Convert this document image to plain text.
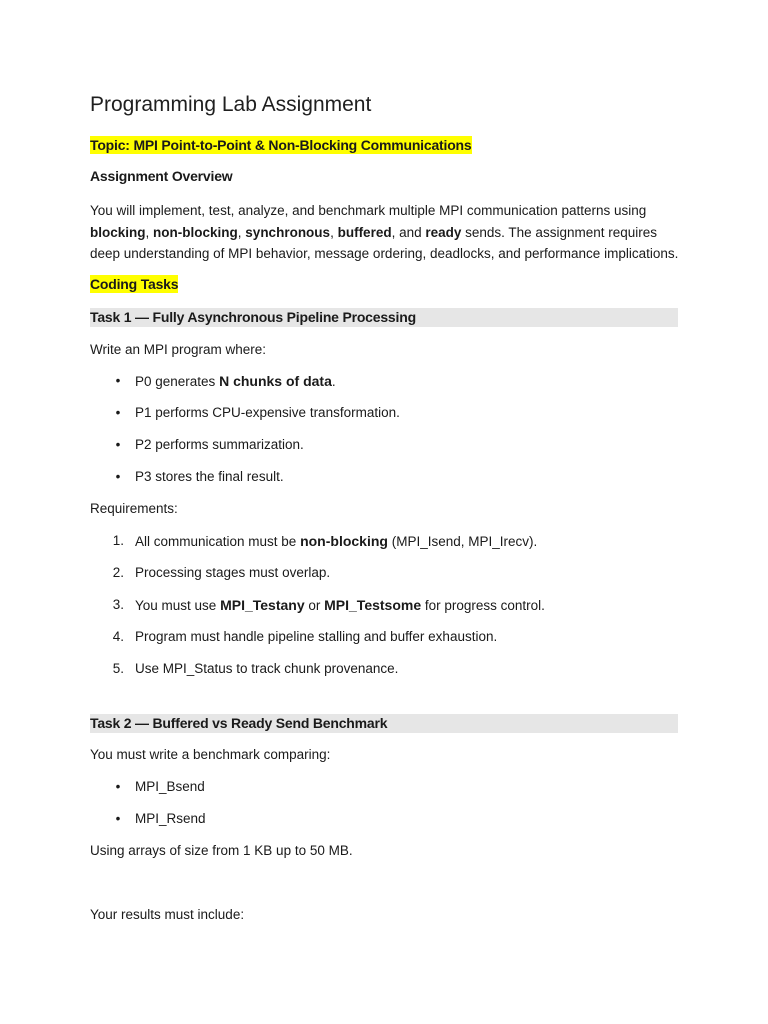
Programming Lab Assignment
Topic: MPI Point-to-Point & Non-Blocking Communications
Assignment Overview
You will implement, test, analyze, and benchmark multiple MPI communication patterns using
blocking, non-blocking, synchronous, buffered, and ready sends. The assignment requires deep understanding of MPI behavior, message ordering, deadlocks, and performance implications.
Coding Tasks
Task 1 — Fully Asynchronous Pipeline Processing
Write an MPI program where:
•	P0 generates N chunks of data.
•	P1 performs CPU-expensive transformation.
•	P2 performs summarization.
•	P3 stores the final result.
Requirements:
1. All communication must be non-blocking (MPI_Isend, MPI_Irecv).
2. Processing stages must overlap.
3. You must use MPI_Testany or MPI_Testsome for progress control.
4. Program must handle pipeline stalling and buffer exhaustion.
5. Use MPI_Status to track chunk provenance.
Task 2 — Buffered vs Ready Send Benchmark
You must write a benchmark comparing:
•	MPI_Bsend
•	MPI_Rsend
Using arrays of size from 1 KB up to 50 MB.
Your results must include:
